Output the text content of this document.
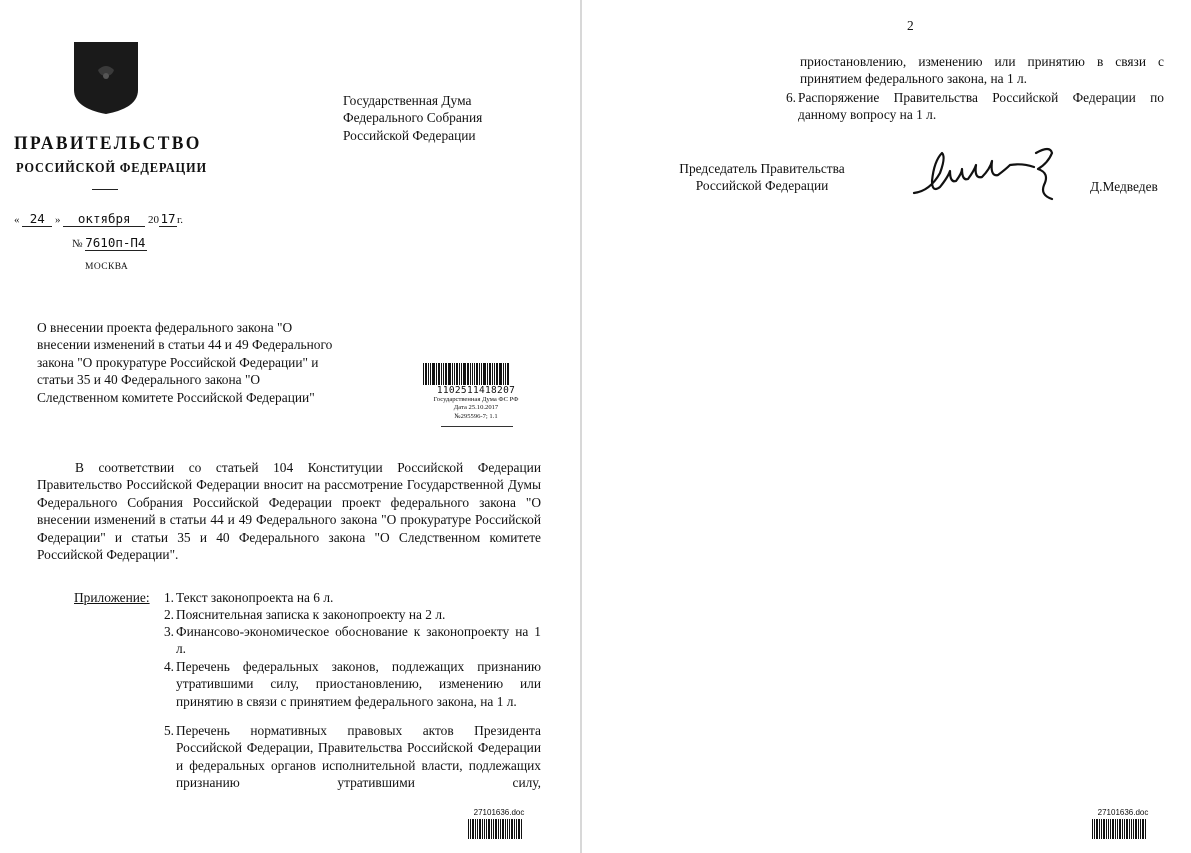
ПРАВИТЕЛЬСТВО
РОССИЙСКОЙ ФЕДЕРАЦИИ
« 24 » октября 2017г.
№ 7610п-П4
МОСКВА
Государственная Дума
Федерального Собрания
Российской Федерации
О внесении проекта федерального закона "О внесении изменений в статьи 44 и 49 Федерального закона "О прокуратуре Российской Федерации" и статьи 35 и 40 Федерального закона "О Следственном комитете Российской Федерации"	1102511418207
Государственная Дума ФС РФ
Дата 25.10.2017
№295596-7; 1.1
В соответствии со статьей 104 Конституции Российской Федерации Правительство Российской Федерации вносит на рассмотрение Государственной Думы Федерального Собрания Российской Федерации проект федерального закона "О внесении изменений в статьи 44 и 49 Федерального закона "О прокуратуре Российской Федерации" и статьи 35 и 40 Федерального закона "О Следственном комитете Российской Федерации".
Приложение: 1. Текст законопроекта на 6 л.
2. Пояснительная записка к законопроекту на 2 л.
3. Финансово-экономическое обоснование к законопроекту на 1 л.
4. Перечень федеральных законов, подлежащих признанию утратившими силу, приостановлению, изменению или принятию в связи с принятием федерального закона, на 1 л.
5. Перечень нормативных правовых актов Президента Российской Федерации, Правительства Российской Федерации и федеральных органов исполнительной власти, подлежащих признанию утратившими силу,
27101636.doc
2
приостановлению, изменению или принятию в связи с принятием федерального закона, на 1 л.
6. Распоряжение Правительства Российской Федерации по данному вопросу на 1 л.
Председатель Правительства
Российской Федерации	Д.Медведев
27101636.doc
